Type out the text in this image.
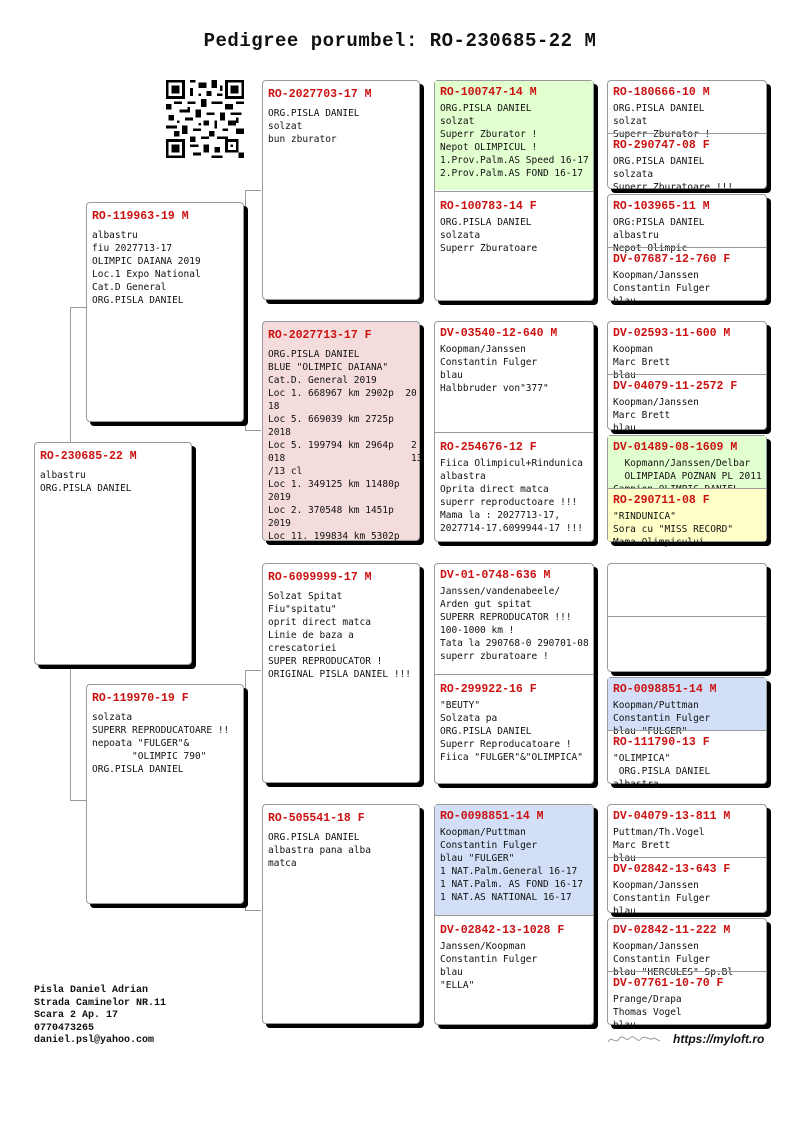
Pedigree porumbel: RO-230685-22 M
RO-230685-22 M
albastru
ORG.PISLA DANIEL
RO-119963-19 M
albastru
fiu 2027713-17
OLIMPIC DAIANA 2019
Loc.1 Expo National
Cat.D General
ORG.PISLA DANIEL
RO-119970-19 F
solzata
SUPERR REPRODUCATOARE !!
nepoata "FULGER"&
"OLIMPIC 790"
ORG.PISLA DANIEL
RO-2027703-17 M
ORG.PISLA DANIEL
solzat
bun zburator
RO-2027713-17 F
ORG.PISLA DANIEL
BLUE "OLIMPIC DAIANA"
Cat.D. General 2019
Loc 1. 668967 km 2902p  20
18
Loc 5. 669039 km 2725p
2018
Loc 5. 199794 km 2964p   2
018                      13
/13 cl
Loc 1. 349125 km 11480p
2019
Loc 2. 370548 km 1451p
2019
Loc 11. 199834 km 5302p
RO-6099999-17 M
Solzat Spitat
Fiu"spitatu"
oprit direct matca
Linie de baza a
crescatoriei
SUPER REPRODUCATOR !
ORIGINAL PISLA DANIEL !!!
RO-505541-18 F
ORG.PISLA DANIEL
albastra pana alba
matca
RO-100747-14 M
ORG.PISLA DANIEL
solzat
Superr Zburator !
Nepot OLIMPICUL !
1.Prov.Palm.AS Speed 16-17
2.Prov.Palm.AS FOND 16-17
RO-100783-14 F
ORG.PISLA DANIEL
solzata
Superr Zburatoare
DV-03540-12-640 M
Koopman/Janssen
Constantin Fulger
blau
Halbbruder von"377"
RO-254676-12 F
Fiica Olimpicul+Rindunica
albastra
Oprita direct matca
superr reproductoare !!!
Mama la : 2027713-17,
2027714-17.6099944-17 !!!
DV-01-0748-636 M
Janssen/vandenabeele/
Arden gut spitat
SUPERR REPRODUCATOR !!!
100-1000 km !
Tata la 290768-0 290701-08
superr zburatoare !
RO-299922-16 F
"BEUTY"
Solzata pa
ORG.PISLA DANIEL
Superr Reproducatoare !
Fiica "FULGER"&"OLIMPICA"
RO-0098851-14 M
Koopman/Puttman
Constantin Fulger
blau "FULGER"
1 NAT.Palm.General 16-17
1 NAT.Palm. AS FOND 16-17
1 NAT.AS NATIONAL 16-17
DV-02842-13-1028 F
Janssen/Koopman
Constantin Fulger
blau
"ELLA"
RO-180666-10 M
ORG.PISLA DANIEL
solzat
Superr Zburator !
RO-290747-08 F
ORG.PISLA DANIEL
solzata
Superr Zburatoare !!!
RO-103965-11 M
ORG:PISLA DANIEL
albastru
Nepot Olimpic
DV-07687-12-760 F
Koopman/Janssen
Constantin Fulger
blau
DV-02593-11-600 M
Koopman
Marc Brett
blau
DV-04079-11-2572 F
Koopman/Janssen
Marc Brett
blau
DV-01489-08-1609 M
Kopmann/Janssen/Delbar
OLIMPIADA POZNAN PL 2011
RO-290711-08 F
"RINDUNICA"
Sora cu "MISS RECORD"
Mama Olimpicului
RO-0098851-14 M
Koopman/Puttman
Constantin Fulger
blau "FULGER"
RO-111790-13 F
"OLIMPICA"
ORG.PISLA DANIEL
albastra
DV-04079-13-811 M
Puttman/Th.Vogel
Marc Brett
blau
DV-02842-13-643 F
Koopman/Janssen
Constantin Fulger
blau
DV-02842-11-222 M
Koopman/Janssen
Constantin Fulger
blau "HERCULES" Sp.Bl
DV-07761-10-70 F
Prange/Drapa
Thomas Vogel
blau
Pisla Daniel Adrian
Strada Caminelor NR.11
Scara 2 Ap. 17
0770473265
daniel.psl@yahoo.com	https://myloft.ro
